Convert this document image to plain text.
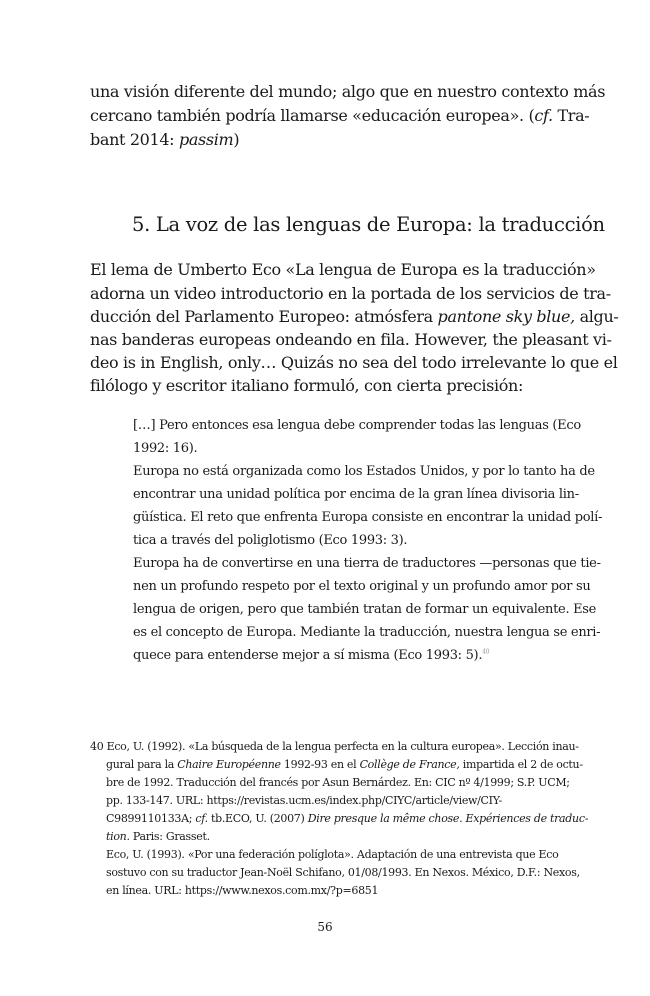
una visión diferente del mundo; algo que en nuestro contexto más
cercano también podría llamarse «educación europea». (cf. Tra-
bant 2014: passim)
5. La voz de las lenguas de Europa: la traducción
El lema de Umberto Eco «La lengua de Europa es la traducción»
adorna un video introductorio en la portada de los servicios de tra-
ducción del Parlamento Europeo: atmósfera pantone sky blue, algu-
nas banderas europeas ondeando en fila. However, the pleasant vi-
deo is in English, only… Quizás no sea del todo irrelevante lo que el
filólogo y escritor italiano formuló, con cierta precisión:
[…] Pero entonces esa lengua debe comprender todas las lenguas (Eco
1992: 16).
Europa no está organizada como los Estados Unidos, y por lo tanto ha de
encontrar una unidad política por encima de la gran línea divisoria lin-
güística. El reto que enfrenta Europa consiste en encontrar la unidad polí-
tica a través del poliglotismo (Eco 1993: 3).
Europa ha de convertirse en una tierra de traductores —personas que tie-
nen un profundo respeto por el texto original y un profundo amor por su
lengua de origen, pero que también tratan de formar un equivalente. Ese
es el concepto de Europa. Mediante la traducción, nuestra lengua se enri-
quece para entenderse mejor a sí misma (Eco 1993: 5).$^{40}$
40 Eco, U. (1992). «La búsqueda de la lengua perfecta en la cultura europea». Lección inau-
gural para la Chaire Européenne 1992-93 en el Collège de France, impartida el 2 de octu-
bre de 1992. Traducción del francés por Asun Bernárdez. En: CIC nº 4/1999; S.P. UCM;
pp. 133-147. URL: https://revistas.ucm.es/index.php/CIYC/article/view/CIY-
C9899110133A; cf. tb.ECO, U. (2007) Dire presque la même chose. Expériences de traduc-
tion. Paris: Grasset.
Eco, U. (1993). «Por una federación políglota». Adaptación de una entrevista que Eco
sostuvo con su traductor Jean-Noël Schifano, 01/08/1993. En Nexos. México, D.F.: Nexos,
en línea. URL: https://www.nexos.com.mx/?p=6851
56
